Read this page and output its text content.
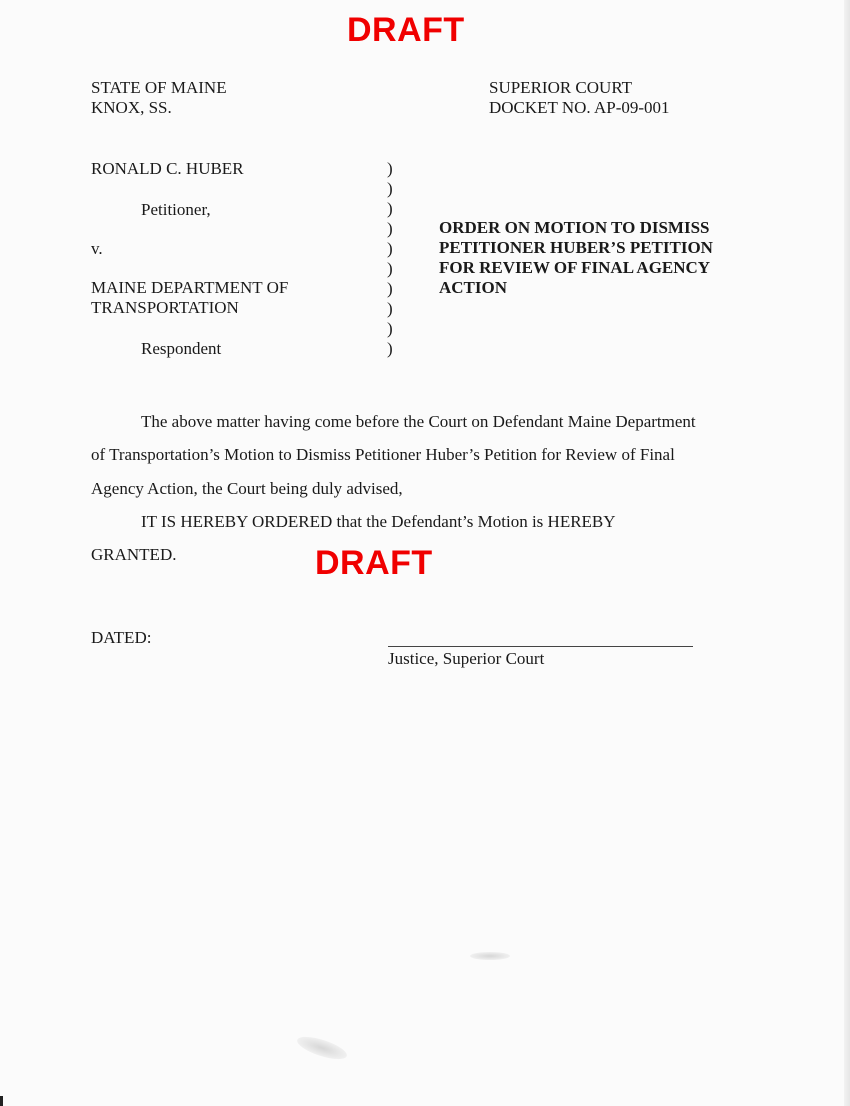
DRAFT
STATE OF MAINE
KNOX, SS.
SUPERIOR COURT
DOCKET NO. AP-09-001
RONALD C. HUBER
Petitioner,
v.
MAINE DEPARTMENT OF
TRANSPORTATION
Respondent
)
)
)
)
)
)
)
)
)
)
ORDER ON MOTION TO DISMISS
PETITIONER HUBER’S PETITION
FOR REVIEW OF FINAL AGENCY
ACTION
The above matter having come before the Court on Defendant Maine Department
of Transportation’s Motion to Dismiss Petitioner Huber’s Petition for Review of Final
Agency Action, the Court being duly advised,
IT IS HEREBY ORDERED that the Defendant’s Motion is HEREBY
GRANTED.	DRAFT
DATED:
Justice, Superior Court
